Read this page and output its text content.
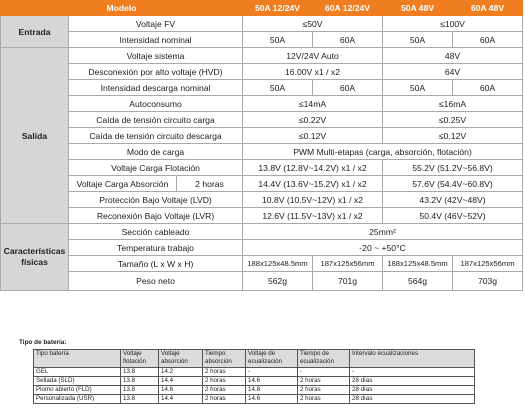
Modelo			50A 12/24V	60A 12/24V	50A 48V	60A 48V
Entrada	Voltaje FV		≤50V		≤100V	
	Intensidad nominal		50A	60A	50A	60A
Salida	Voltaje sistema		12V/24V Auto		48V	
	Desconexión por alto voltaje (HVD)		16.00V x1 / x2		64V	
	Intensidad descarga nominal		50A	60A	50A	60A
	Autoconsumo		≤14mA		≤16mA	
	Caída de tensión circuito carga		≤0.22V		≤0.25V	
	Caída de tensión circuito descarga		≤0.12V		≤0.12V	
	Modo de carga		PWM Multi-etapas (carga, absorción, flotación)			
	Voltaje Carga Flotación		13.8V (12.8V~14.2V) x1 / x2		55.2V (51.2V~56.8V)	
	Voltaje Carga Absorción	2 horas	14.4V (13.6V~15.2V) x1 / x2		57.6V (54.4V~60.8V)	
	Protección Bajo Voltaje (LVD)		10.8V (10.5V~12V) x1 / x2		43.2V (42V~48V)	
	Reconexión Bajo Voltaje (LVR)		12.6V (11.5V~13V) x1 / x2		50.4V (46V~52V)	
Características físicas	Sección cableado		25mm²			
	Temperatura trabajo		-20 ~ +50°C			
	Tamaño (L x W x H)		188x125x48.5mm	187x125x56mm	188x125x48.5mm	187x125x56mm
	Peso neto		562g	701g	564g	703g
Tipo de batería:
Tipo batería	Voltaje flotación	Voltaje absorción	Tiempo absorción	Voltaje de ecualización	Tiempo de ecualización	Intervalo ecualizaciones
GEL	13.8	14.2	2 horas	-	-	-
Sellada (SLD)	13.8	14.4	2 horas	14.6	2 horas	28 días
Plomo abierto (FLD)	13.8	14.6	2 horas	14.8	2 horas	28 días
Personalizada (USR)	13.8	14.4	2 horas	14.6	2 horas	28 días
